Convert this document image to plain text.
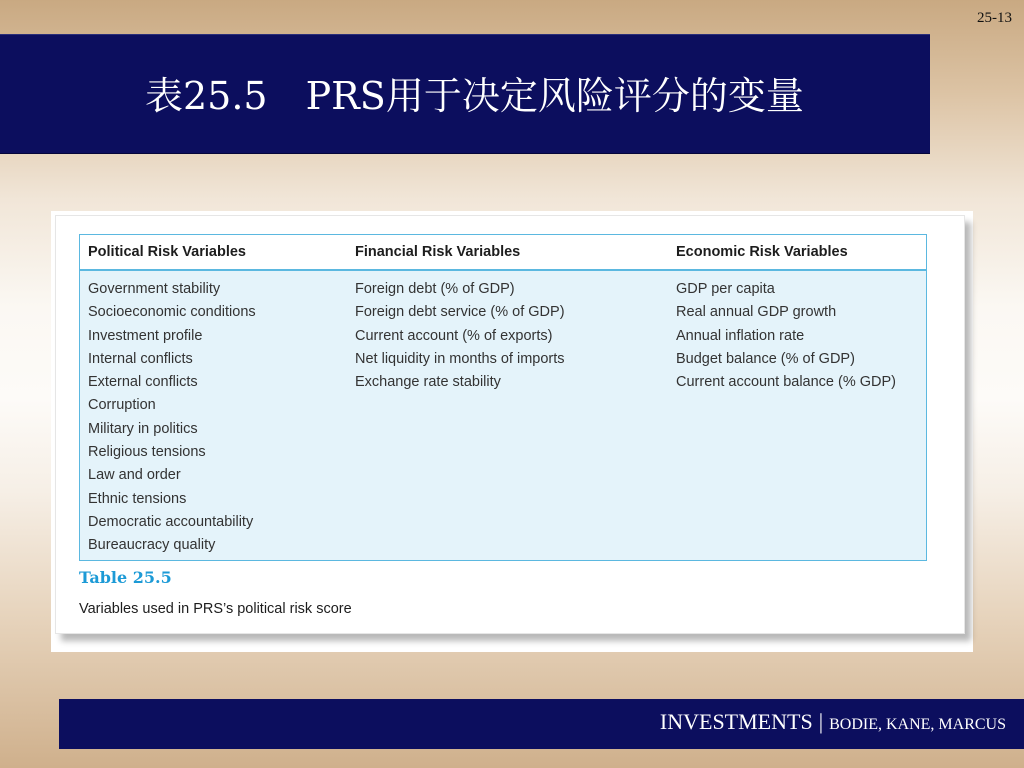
25-13
表25.5　PRS用于决定风险评分的变量
Political Risk Variables	Financial Risk Variables	Economic Risk Variables
Government stability
Socioeconomic conditions
Investment profile
Internal conflicts
External conflicts
Corruption
Military in politics
Religious tensions
Law and order
Ethnic tensions
Democratic accountability
Bureaucracy quality
Foreign debt (% of GDP)
Foreign debt service (% of GDP)
Current account (% of exports)
Net liquidity in months of imports
Exchange rate stability
GDP per capita
Real annual GDP growth
Annual inflation rate
Budget balance (% of GDP)
Current account balance (% GDP)
Table 25.5
Variables used in PRS’s political risk score
INVESTMENTS | BODIE, KANE, MARCUS
